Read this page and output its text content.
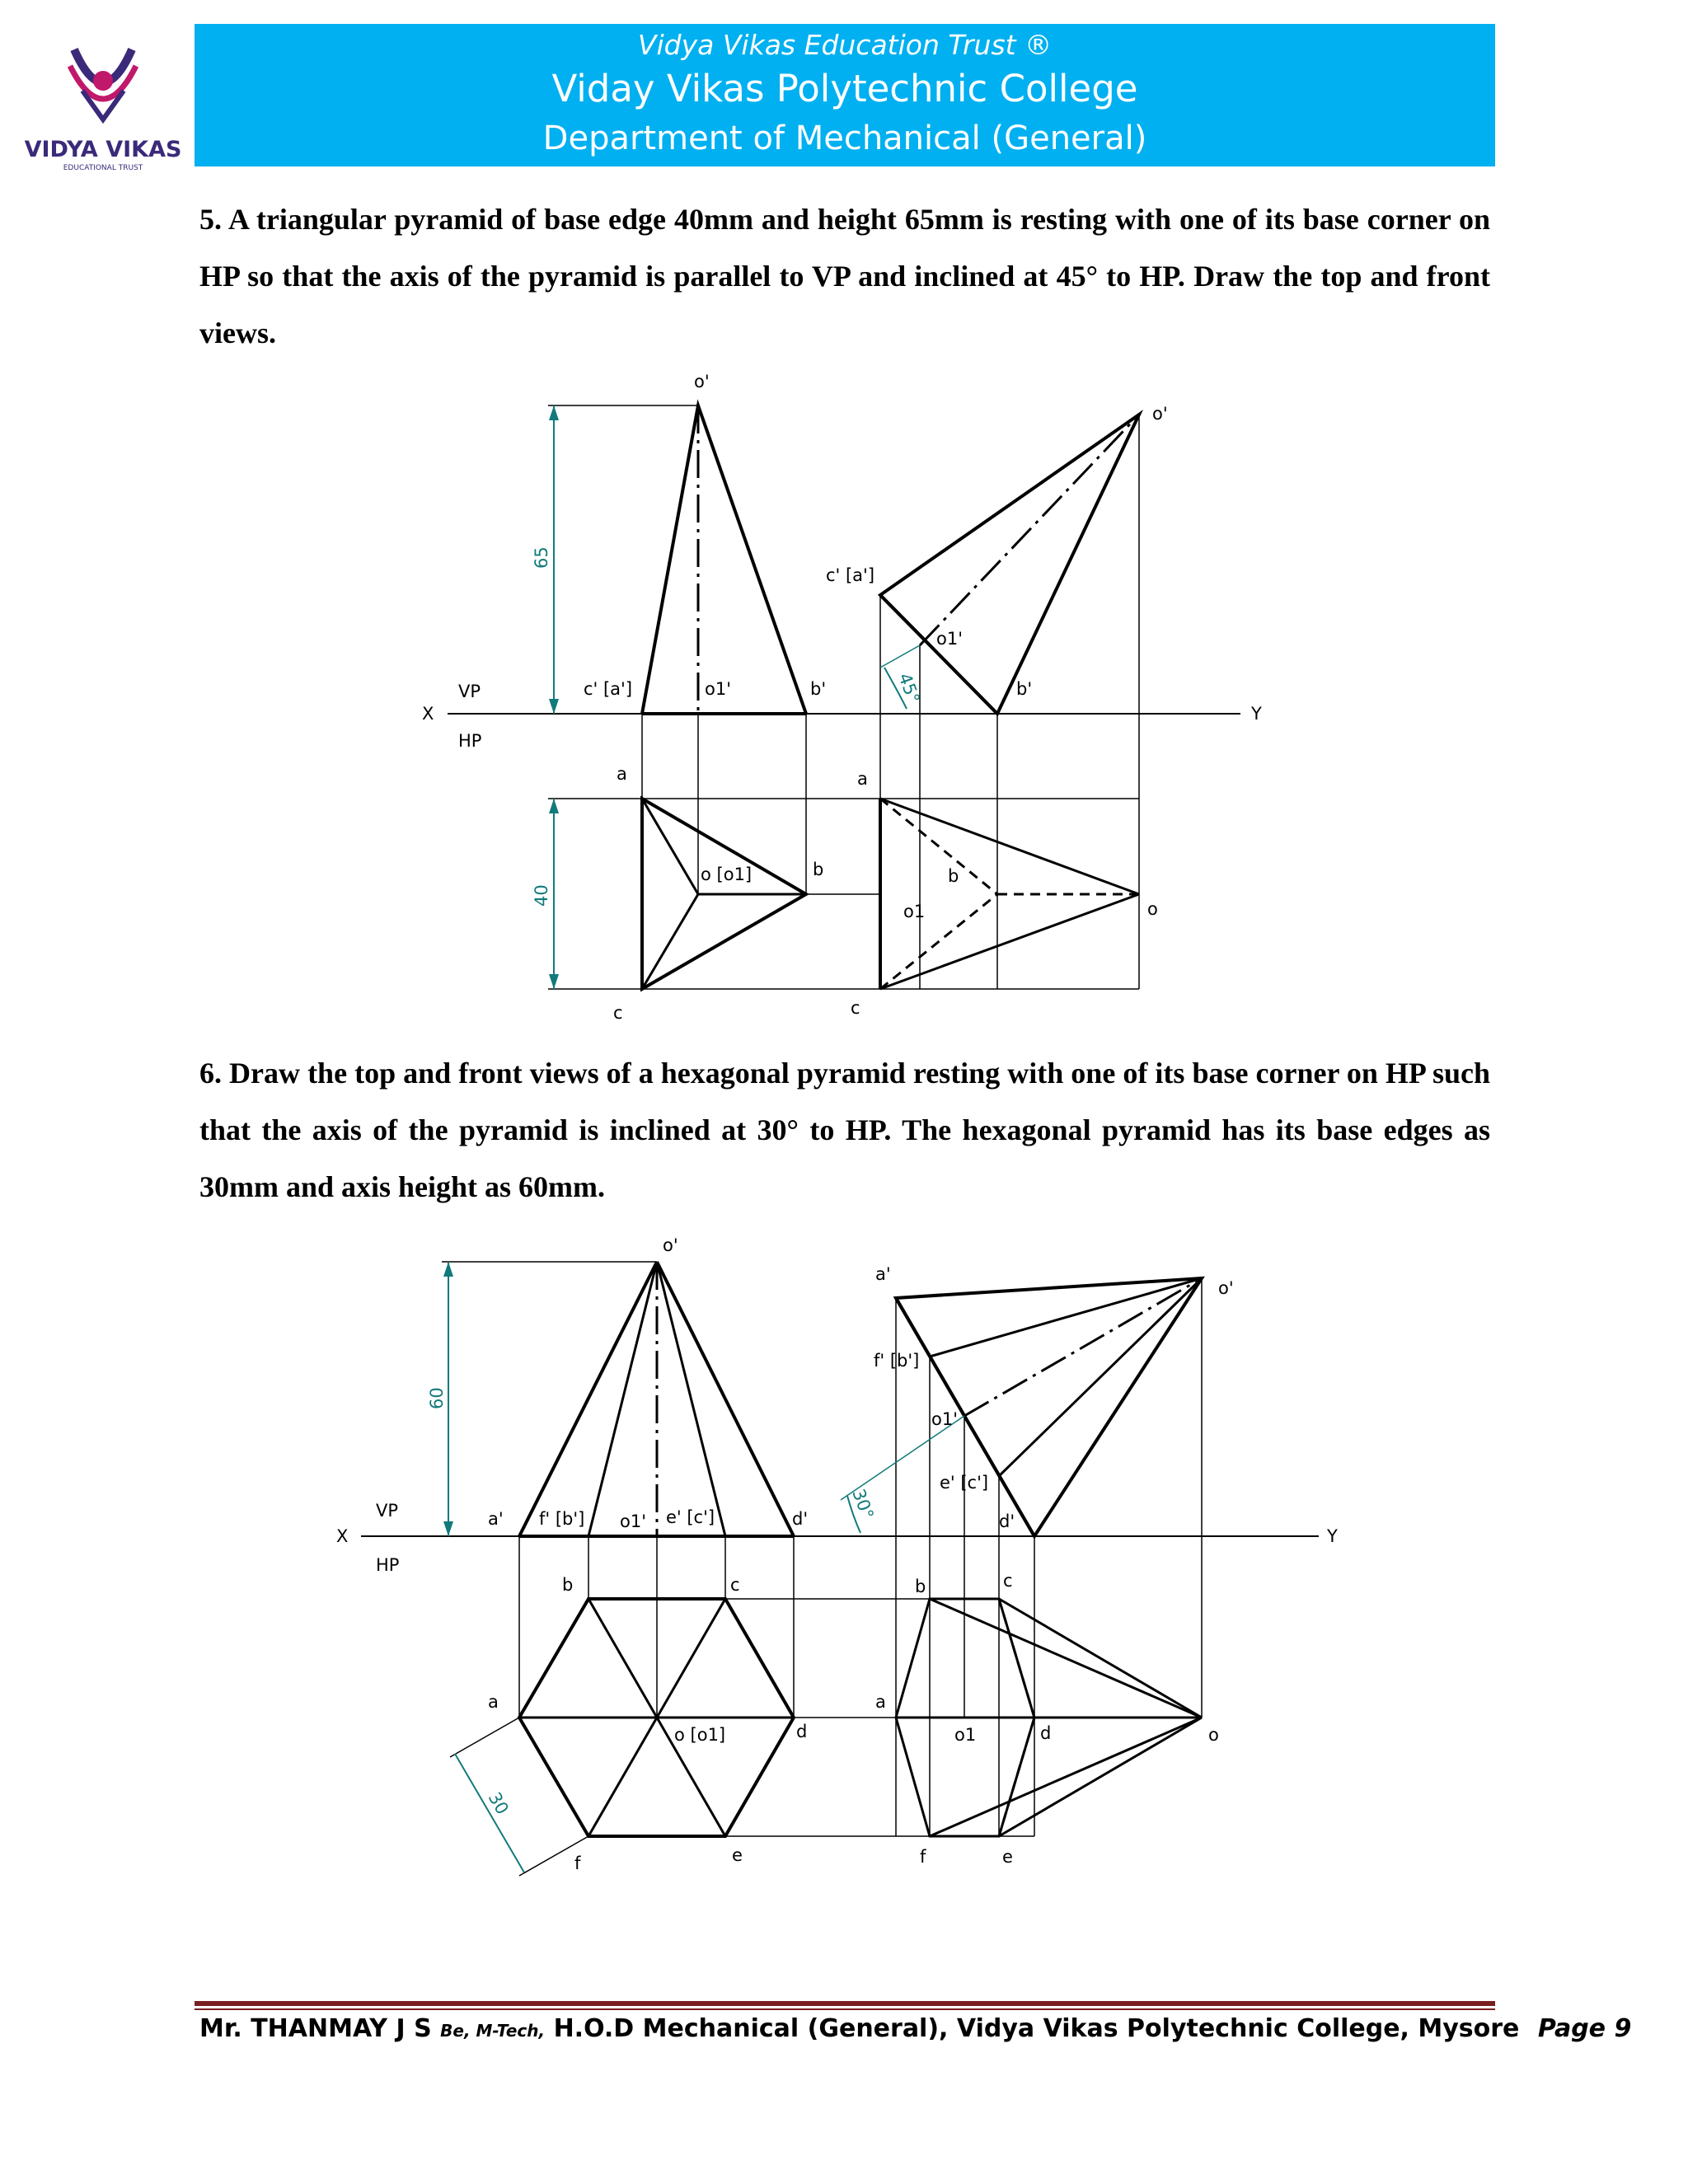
VIDYA VIKAS
EDUCATIONAL TRUST
Vidya Vikas Education Trust ®
Viday Vikas Polytechnic College
Department of Mechanical (General)
5. A triangular pyramid of base edge 40mm and height 65mm is resting with one of its base corner on HP so that the axis of the pyramid is parallel to VP and inclined at 45° to HP. Draw the top and front views.
X	Y
VP
HP
65
40
45°
o'
c' [a']	o1'	b'
a
b
c
o [o1]
o'
c' [a']
o1'
b'
a
b
o1	o
c
6. Draw the top and front views of a hexagonal pyramid resting with one of its base corner on HP such that the axis of the pyramid is inclined at 30° to HP. The hexagonal pyramid has its base edges as 30mm and axis height as 60mm.
X	Y
VP
HP
60
30
30°
o'
a' f' [b'] o1' e' [c']	d'
b	c
a
o [o1]	d
e
f
a'
f' [b']
o1'
e' [c']
d'
o'
b	c
a
o1	d	o
f	e
Mr. THANMAY J S Be, M-Tech, H.O.D Mechanical (General), Vidya Vikas Polytechnic College, Mysore Page 9
